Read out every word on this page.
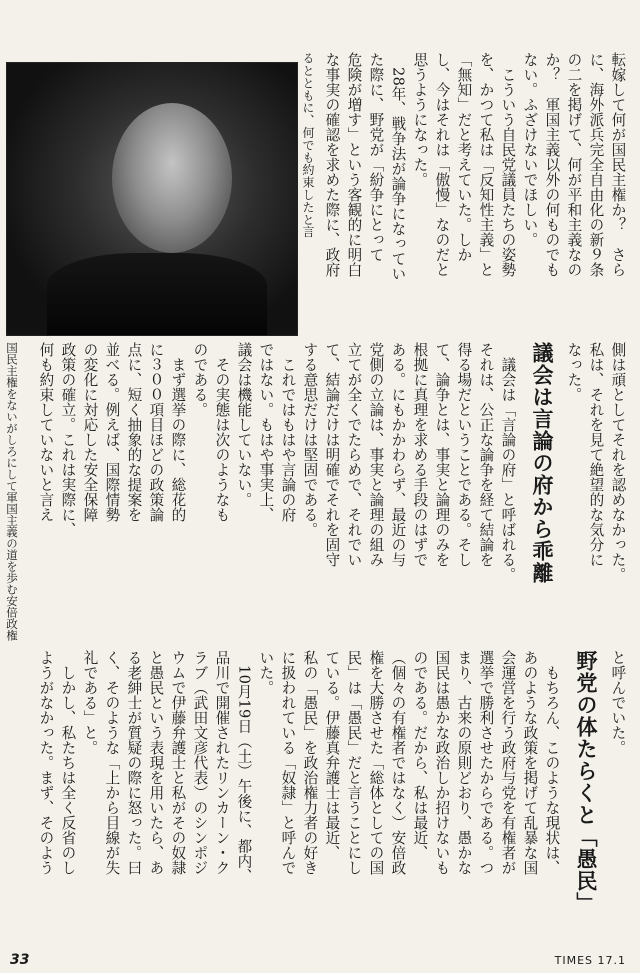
国民主権をないがしろにして軍国主義の道を歩む安倍政権
転嫁して何が国民主権か？　さら
に、海外派兵完全自由化の新９条
の二を掲げて、何が平和主義なの
か？　軍国主義以外の何ものでも
ない。ふざけないでほしい。
　こういう自民党議員たちの姿勢
を、かつて私は「反知性主義」と
「無知」だと考えていた。しか
し、今はそれは「傲慢」なのだと
思うようになった。
　28年、戦争法が論争になってい
た際に、野党が「紛争にとって
危険が増す」という客観的に明白
な事実の確認を求めた際に、政府
側は頑としてそれを認めなかった。
私は、それを見て絶望的な気分に
なった。
議会は言論の府から乖離
　議会は「言論の府」と呼ばれる。
それは、公正な論争を経て結論を
得る場だということである。そし
て、論争とは、事実と論理のみを
根拠に真理を求める手段のはずで
ある。にもかかわらず、最近の与
党側の立論は、事実と論理の組み
立てが全くでたらめで、それでい
て、結論だけは明確でそれを固守
する意思だけは堅固である。
　これではもはや言論の府
ではない。もはや事実上、
議会は機能していない。
　その実態は次のようなも
のである。
　まず選挙の際に、総花的
に３００項目ほどの政策論
点に、短く抽象的な提案を
並べる。例えば、国際情勢
の変化に対応した安全保障
政策の確立。これは実際に、
何も約束していないと言え
と呼んでいた。
野党の体たらくと「愚民」
　もちろん、このような現状は、
あのような政策を掲げて乱暴な国
会運営を行う政府与党を有権者が
選挙で勝利させたからである。つ
まり、古来の原則どおり、愚かな
国民は愚かな政治しか招けないも
のである。だから、私は最近、
（個々の有権者ではなく）安倍政
権を大勝させた「総体としての国
民」は「愚民」だと言うことにし
ている。伊藤真弁護士は最近、
私の「愚民」を政治権力者の好き
に扱われている「奴隷」と呼んで
いた。
　10月19日（土）午後に、都内、
品川で開催されたリンカーン・ク
ラブ（武田文彦代表）のシンポジ
ウムで伊藤弁護士と私がその奴隷
と愚民という表現を用いたら、あ
る老紳士が質疑の際に怒った。曰
く、そのような「上から目線が失
礼である」と。
　しかし、私たちは全く反省のし
ようがなかった。まず、そのよう
るとともに、何でも約束したと言
33	TIMES 17.1
